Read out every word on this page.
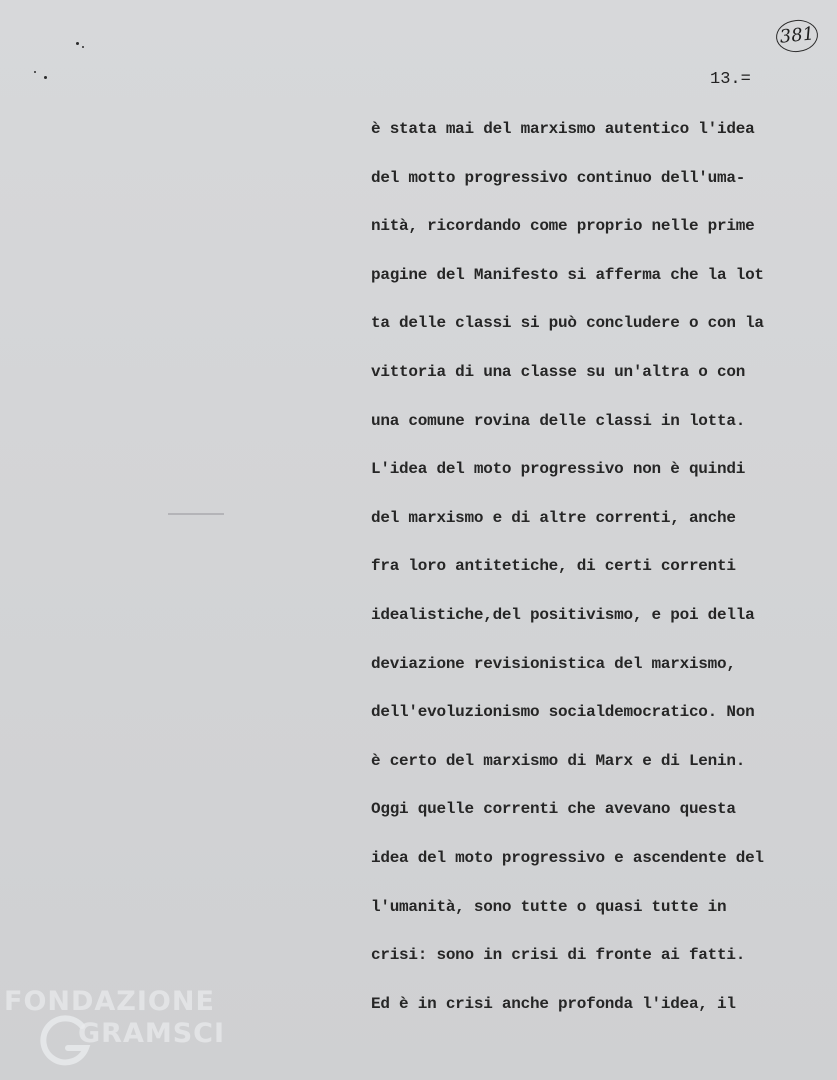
381
13.=
è stata mai del marxismo autentico l'idea
del motto progressivo continuo dell'uma-
nità, ricordando come proprio nelle prime
pagine del Manifesto si afferma che la lot
ta delle classi si può concludere o con la
vittoria di una classe su un'altra o con
una comune rovina delle classi in lotta.
L'idea del moto progressivo non è quindi
del marxismo e di altre correnti, anche
fra loro antitetiche, di certi correnti
idealistiche,del positivismo, e poi della
deviazione revisionistica del marxismo,
dell'evoluzionismo socialdemocratico. Non
è certo del marxismo di Marx e di Lenin.
Oggi quelle correnti che avevano questa
idea del moto progressivo e ascendente del
l'umanità, sono tutte o quasi tutte in
crisi: sono in crisi di fronte ai fatti.
Ed è in crisi anche profonda l'idea, il
FONDAZIONE
GRAMSCI
